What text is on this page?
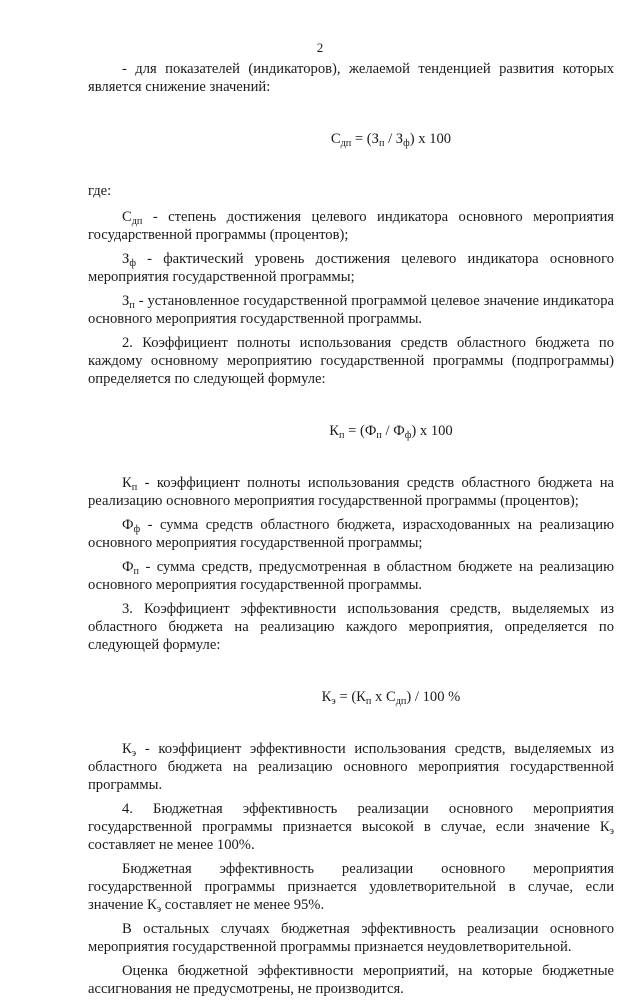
2

- для показателей (индикаторов), желаемой тенденцией развития которых является снижение значений:

$С_{дп} = (З_п / З_ф)$ x 100
где:

$С_{дп}$ - степень достижения целевого индикатора основного мероприятия государственной программы (процентов);

$З_ф$ - фактический уровень достижения целевого индикатора основного мероприятия государственной программы;

$З_п$ - установленное государственной программой целевое значение индикатора основного мероприятия государственной программы.

2. Коэффициент полноты использования средств областного бюджета по каждому основному мероприятию государственной программы (подпрограммы) определяется по следующей формуле:

$К_п = (Ф_п / Ф_ф)$ x 100

$К_п$ - коэффициент полноты использования средств областного бюджета на реализацию основного мероприятия государственной программы (процентов);

$Ф_ф$ - сумма средств областного бюджета, израсходованных на реализацию основного мероприятия государственной программы;

$Ф_п$ - сумма средств, предусмотренная в областном бюджете на реализацию основного мероприятия государственной программы.

3. Коэффициент эффективности использования средств, выделяемых из областного бюджета на реализацию каждого мероприятия, определяется по следующей формуле:

$К_э = (К_п$ x $С_{дп}) / 100$ %

$К_э$ - коэффициент эффективности использования средств, выделяемых из областного бюджета на реализацию основного мероприятия государственной программы.

4. Бюджетная эффективность реализации основного мероприятия государственной программы признается высокой в случае, если значение $К_э$ составляет не менее 100%.

Бюджетная эффективность реализации основного мероприятия государственной программы признается удовлетворительной в случае, если значение $К_э$ составляет не менее 95%.

В остальных случаях бюджетная эффективность реализации основного мероприятия государственной программы признается неудовлетворительной.

Оценка бюджетной эффективности мероприятий, на которые бюджетные ассигнования не предусмотрены, не производится.
